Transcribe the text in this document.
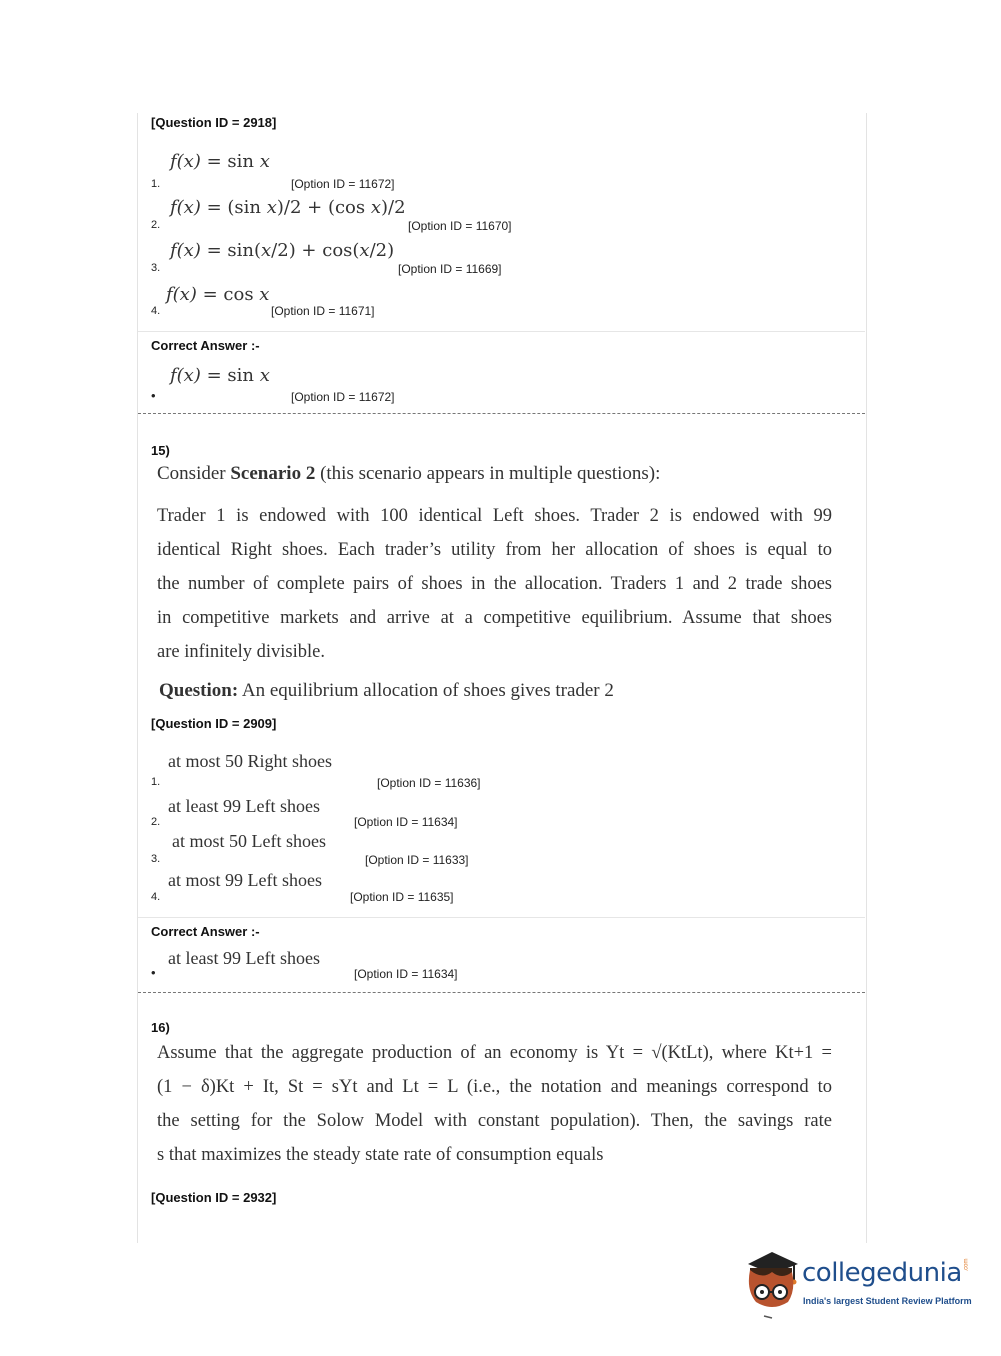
[Question ID = 2918]
f(x) = sin x
1.	[Option ID = 11672]
f(x) = (sin x)/2 + (cos x)/2
2.	[Option ID = 11670]
f(x) = sin(x/2) + cos(x/2)
3.	[Option ID = 11669]
f(x) = cos x
4.	[Option ID = 11671]
Correct Answer :-
f(x) = sin x
•	[Option ID = 11672]
15)
Consider Scenario 2 (this scenario appears in multiple questions):
Trader 1 is endowed with 100 identical Left shoes. Trader 2 is endowed with 99
identical Right shoes. Each trader’s utility from her allocation of shoes is equal to
the number of complete pairs of shoes in the allocation. Traders 1 and 2 trade shoes
in competitive markets and arrive at a competitive equilibrium. Assume that shoes
are infinitely divisible.
Question: An equilibrium allocation of shoes gives trader 2
[Question ID = 2909]
at most 50 Right shoes
1.	[Option ID = 11636]
at least 99 Left shoes
2.	[Option ID = 11634]
at most 50 Left shoes
3.	[Option ID = 11633]
at most 99 Left shoes
4.	[Option ID = 11635]
Correct Answer :-
at least 99 Left shoes
•	[Option ID = 11634]
16)
Assume that the aggregate production of an economy is Yt = √(KtLt), where Kt+1 =
(1 − δ)Kt + It, St = sYt and Lt = L (i.e., the notation and meanings correspond to
the setting for the Solow Model with constant population). Then, the savings rate
s that maximizes the steady state rate of consumption equals
[Question ID = 2932]
collegedunia .com
India's largest Student Review Platform
